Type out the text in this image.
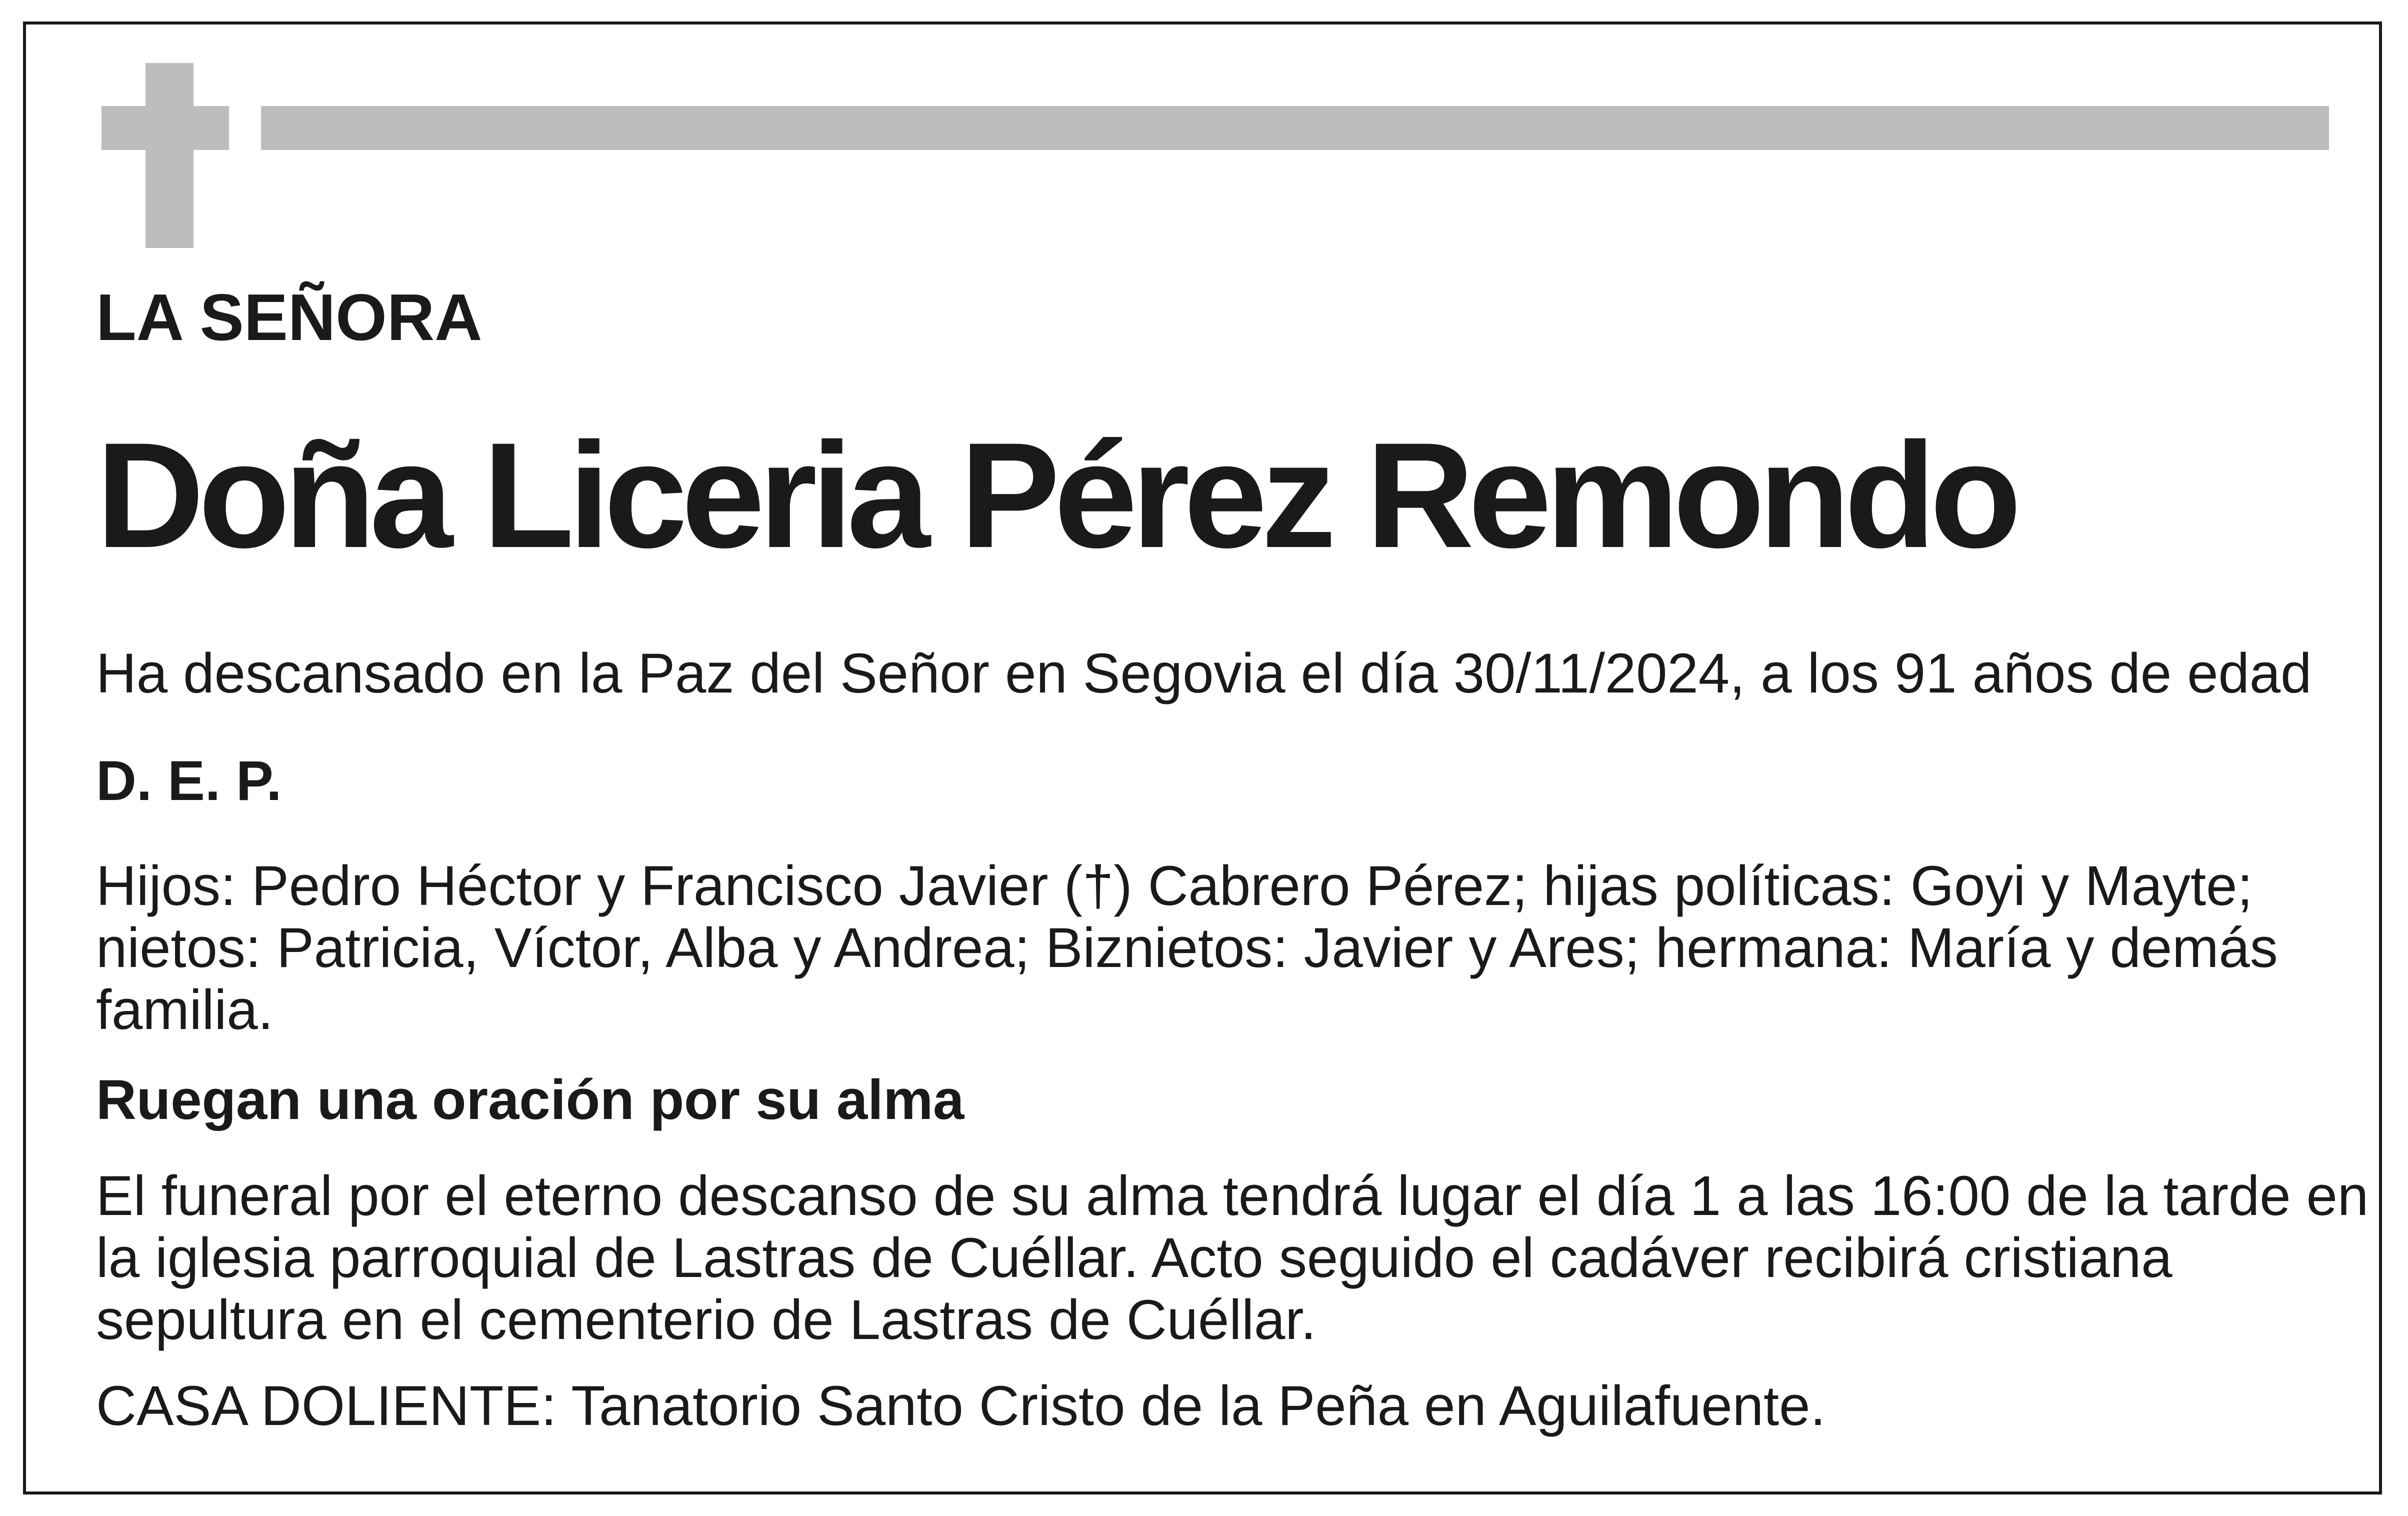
LA SEÑORA
Doña Liceria Pérez Remondo
Ha descansado en la Paz del Señor en Segovia el día 30/11/2024, a los 91 años de edad
D. E. P.
Hijos: Pedro Héctor y Francisco Javier (†) Cabrero Pérez; hijas políticas: Goyi y Mayte; nietos: Patricia, Víctor, Alba y Andrea; Biznietos: Javier y Ares; hermana: María y demás familia.
Ruegan una oración por su alma
El funeral por el eterno descanso de su alma tendrá lugar el día 1 a las 16:00 de la tarde en la iglesia parroquial de Lastras de Cuéllar. Acto seguido el cadáver recibirá cristiana sepultura en el cementerio de Lastras de Cuéllar.
CASA DOLIENTE: Tanatorio Santo Cristo de la Peña en Aguilafuente.
